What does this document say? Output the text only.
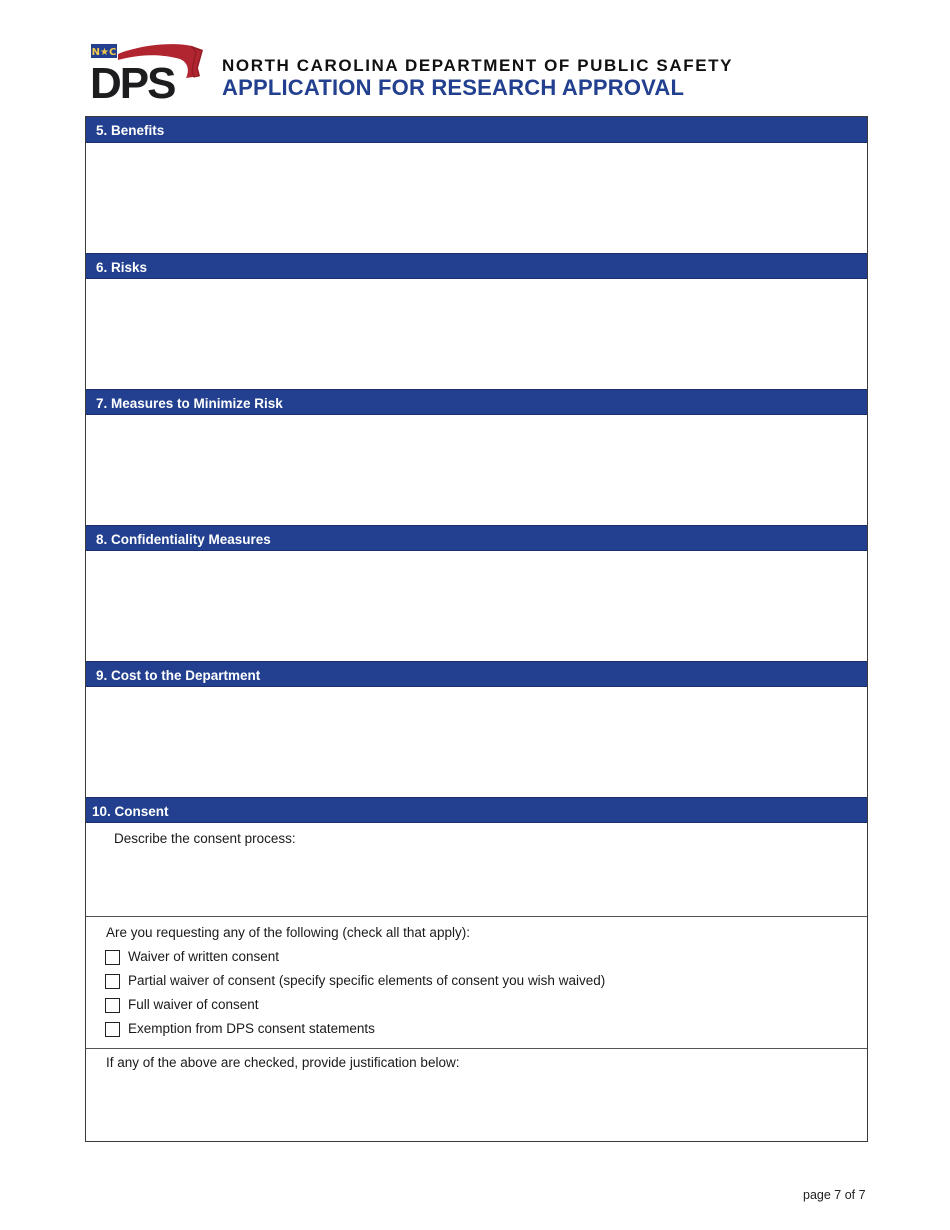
N★C
DPS	NORTH CAROLINA DEPARTMENT OF PUBLIC SAFETY
APPLICATION FOR RESEARCH APPROVAL
5. Benefits
6. Risks
7. Measures to Minimize Risk
8. Confidentiality Measures
9. Cost to the Department
10. Consent
Describe the consent process:
Are you requesting any of the following (check all that apply):
Waiver of written consent
Partial waiver of consent (specify specific elements of consent you wish waived)
Full waiver of consent
Exemption from DPS consent statements
If any of the above are checked, provide justification below:
page 7 of 7
